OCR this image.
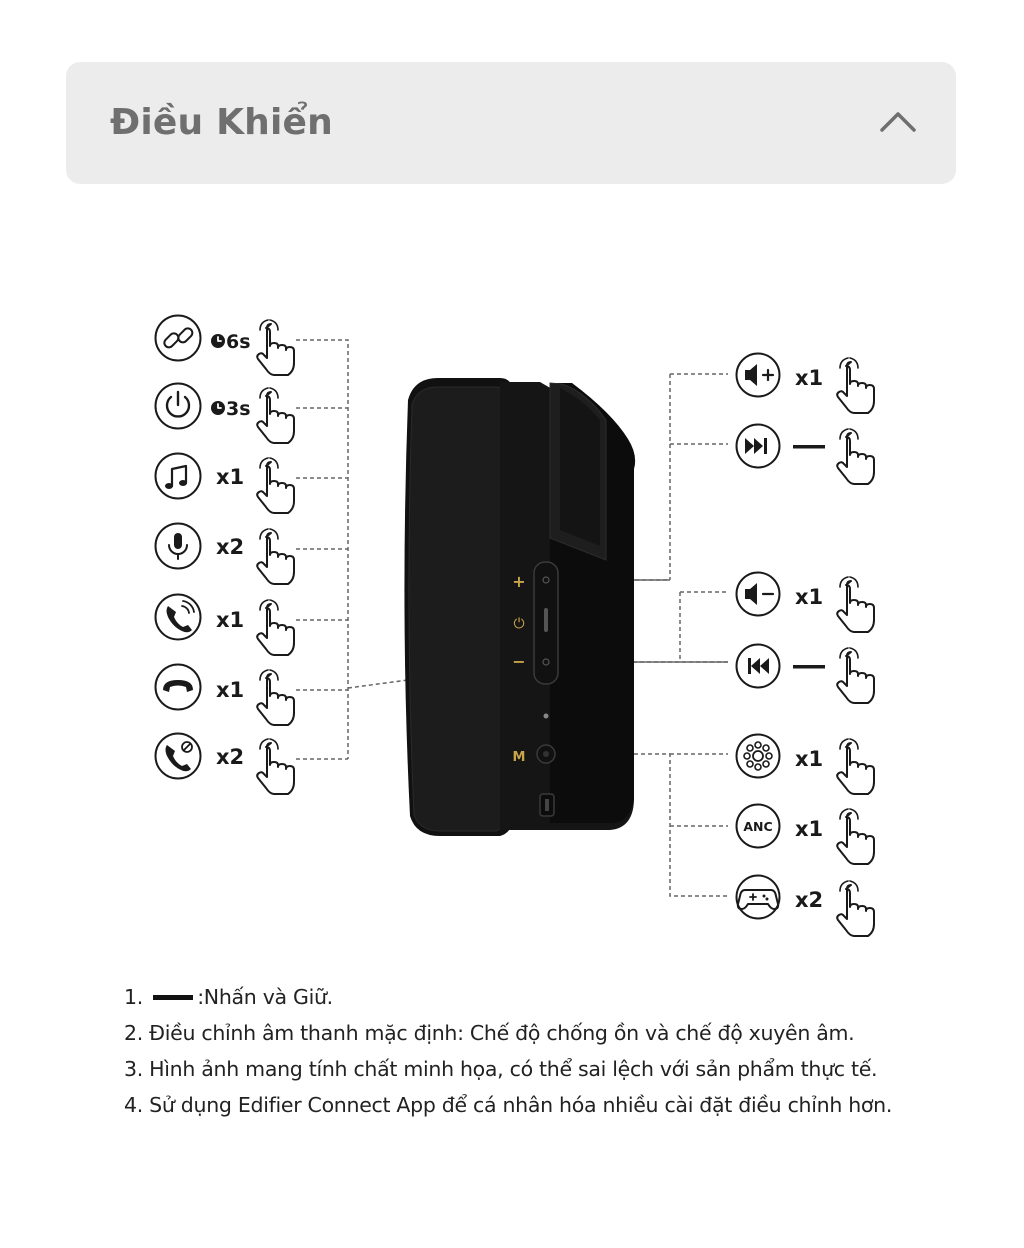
Điều Khiển
+
⏻
−
M
6s
3s
x1
x2
x1
x1
x2
x1
x1
x1
ANC x1
x2
1.	:Nhấn và Giữ.
2. Điều chỉnh âm thanh mặc định: Chế độ chống ồn và chế độ xuyên âm.
3. Hình ảnh mang tính chất minh họa, có thể sai lệch với sản phẩm thực tế.
4. Sử dụng Edifier Connect App để cá nhân hóa nhiều cài đặt điều chỉnh hơn.
